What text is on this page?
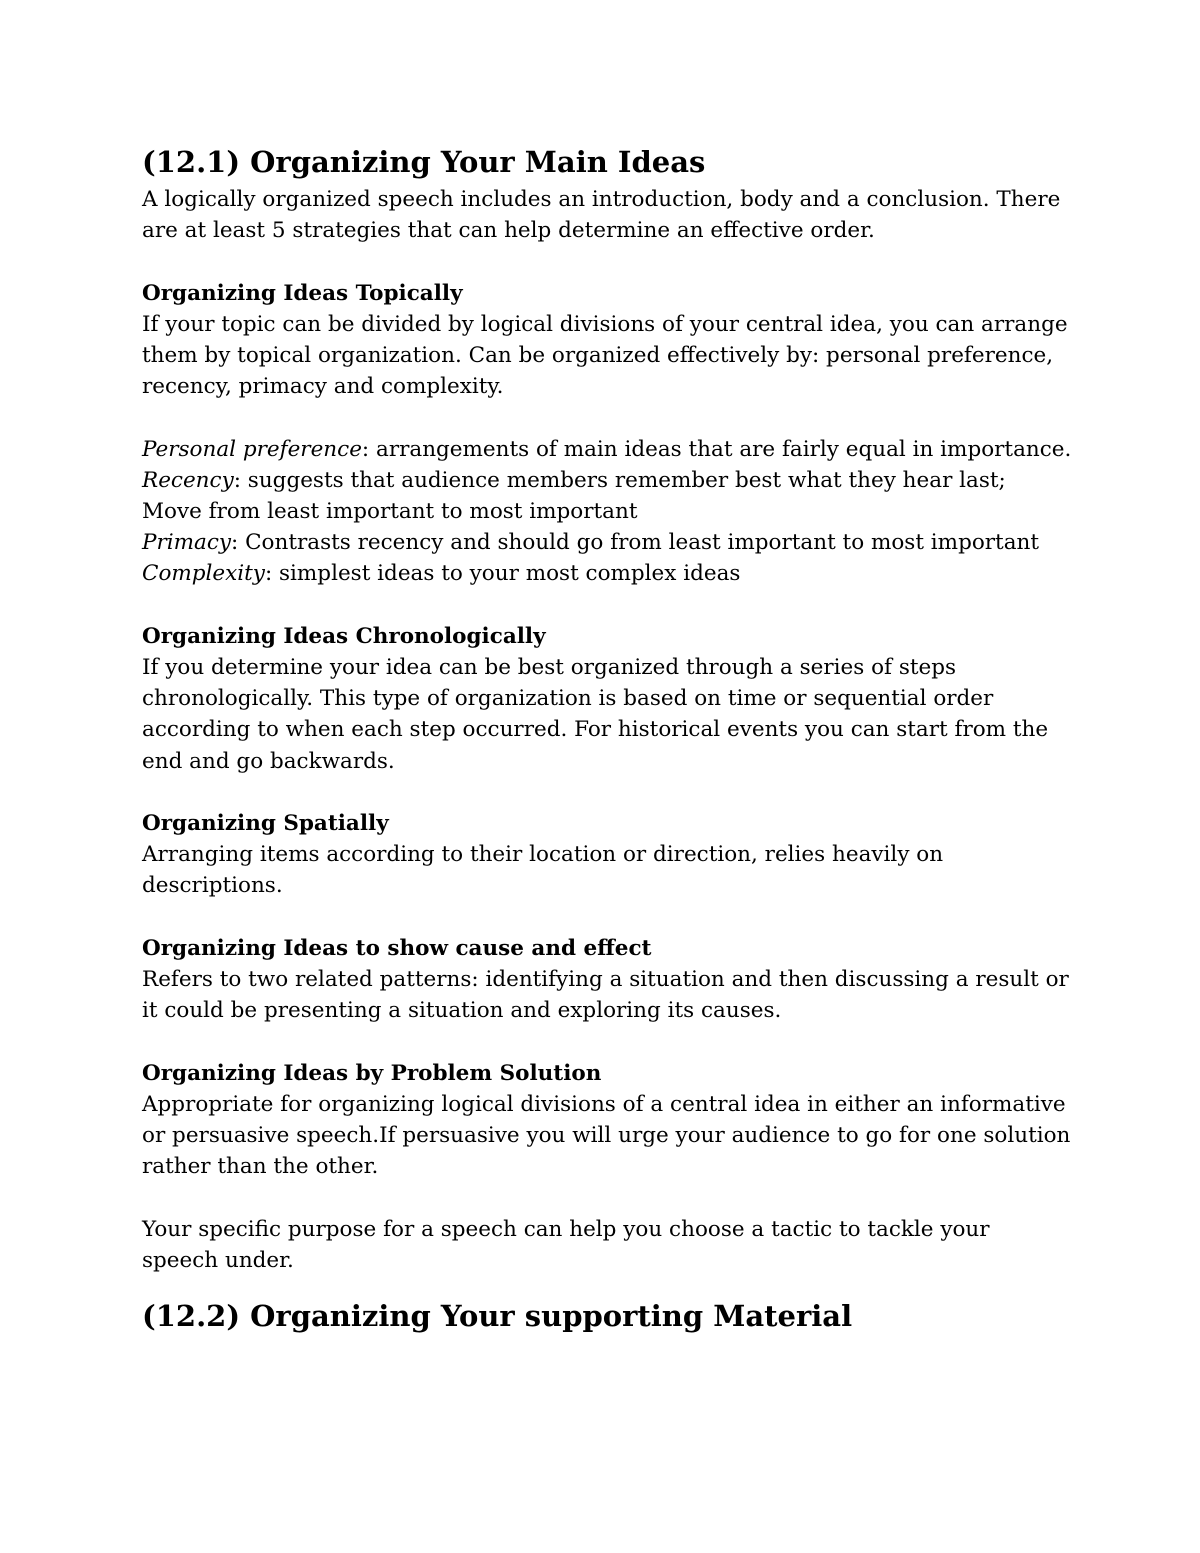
(12.1) Organizing Your Main Ideas

A logically organized speech includes an introduction, body and a conclusion. There are at least 5 strategies that can help determine an effective order.

Organizing Ideas Topically

If your topic can be divided by logical divisions of your central idea, you can arrange them by topical organization. Can be organized effectively by: personal preference, recency, primacy and complexity.

Personal preference: arrangements of main ideas that are fairly equal in importance.

Recency: suggests that audience members remember best what they hear last; Move from least important to most important

Primacy: Contrasts recency and should go from least important to most important

Complexity: simplest ideas to your most complex ideas

Organizing Ideas Chronologically

If you determine your idea can be best organized through a series of steps chronologically. This type of organization is based on time or sequential order according to when each step occurred. For historical events you can start from the end and go backwards.

Organizing Spatially

Arranging items according to their location or direction, relies heavily on descriptions.

Organizing Ideas to show cause and effect

Refers to two related patterns: identifying a situation and then discussing a result or it could be presenting a situation and exploring its causes.

Organizing Ideas by Problem Solution

Appropriate for organizing logical divisions of a central idea in either an informative or persuasive speech.If persuasive you will urge your audience to go for one solution rather than the other.

Your specific purpose for a speech can help you choose a tactic to tackle your speech under.

(12.2) Organizing Your supporting Material
